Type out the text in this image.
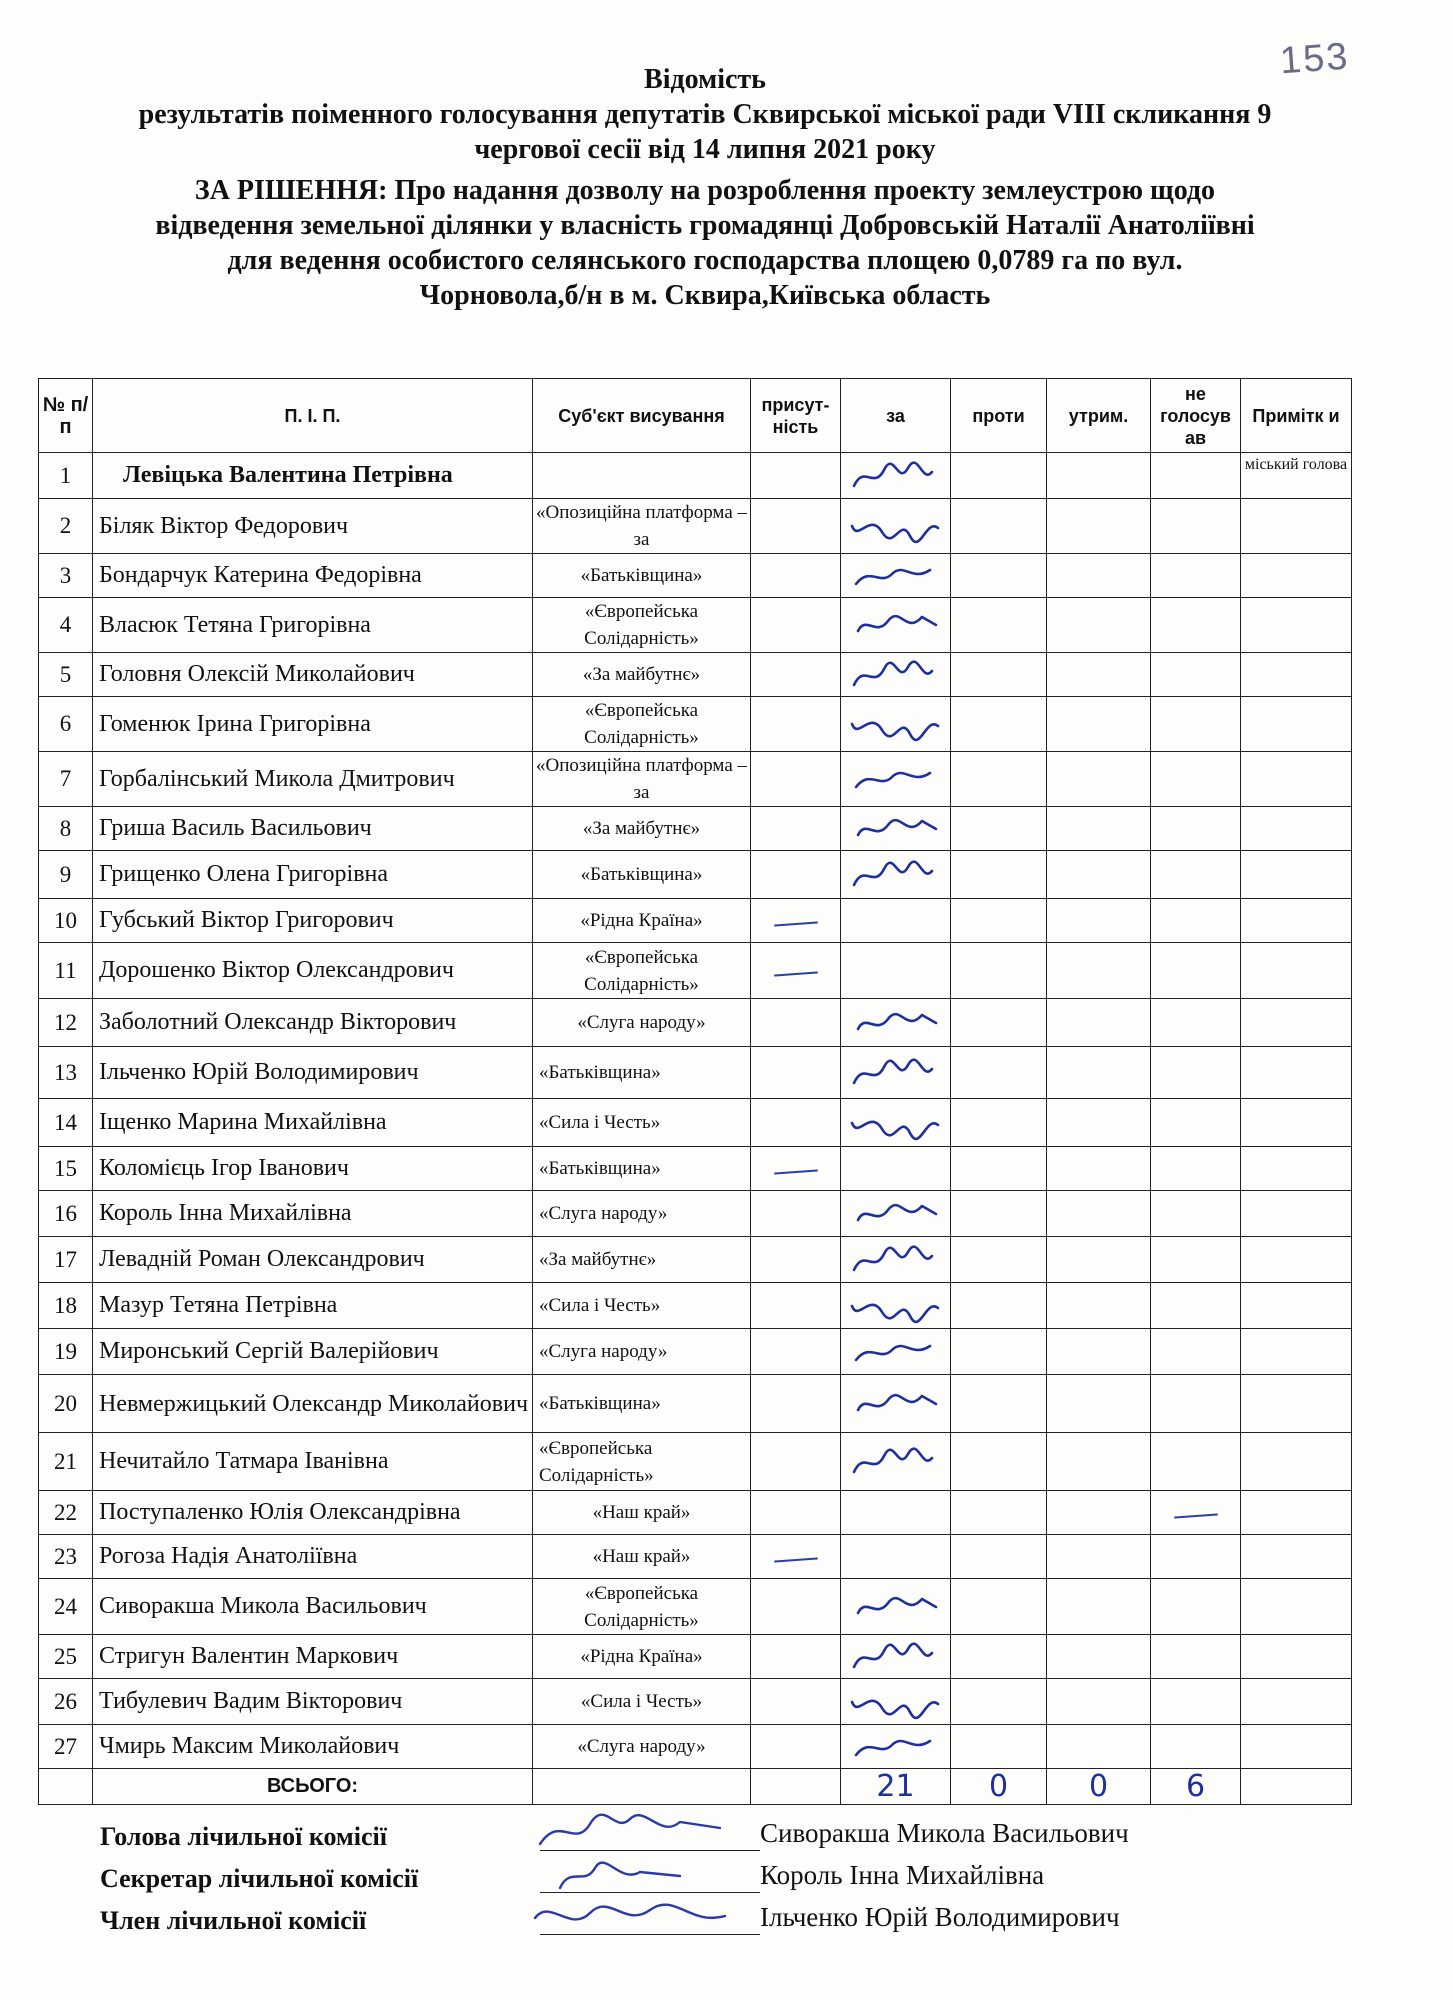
153
Відомість
результатів поіменного голосування депутатів Сквирської міської ради VIII скликання 9
чергової сесії від 14 липня 2021 року
ЗА РІШЕННЯ: Про надання дозволу на розроблення проекту землеустрою щодо
відведення земельної ділянки у власність громадянці Добровській Наталії Анатоліївні
для ведення особистого селянського господарства площею 0,0789 га по вул.
Чорновола,б/н в м. Сквира,Київська область
№ п/п	П. І. П.	Суб'єкт висування	присут-ність	за	проти	утрим.	не голосув ав	Примітк и
1	Левіцька Валентина Петрівна							міський голова
2	Біляк Віктор Федорович	«Опозиційна платформа – за		

3	Бондарчук Катерина Федорівна	«Батьківщина»		

4	Власюк Тетяна Григорівна	«Європейська Солідарність»		

5	Головня Олексій Миколайович	«За майбутнє»		

6	Гоменюк Ірина Григорівна	«Європейська Солідарність»		

7	Горбалінський Микола Дмитрович	«Опозиційна платформа – за		

8	Гриша Василь Васильович	«За майбутнє»		

9	Грищенко Олена Григорівна	«Батьківщина»		

10	Губський Віктор Григорович	«Рідна Країна»						
11	Дорошенко Віктор Олександрович	«Європейська Солідарність»						
12	Заболотний Олександр Вікторович	«Слуга народу»		

13	Ільченко Юрій Володимирович	«Батьківщина»		

14	Іщенко Марина Михайлівна	«Сила і Честь»		

15	Коломієць Ігор Іванович	«Батьківщина»						
16	Король Інна Михайлівна	«Слуга народу»		

17	Левадній Роман Олександрович	«За майбутнє»		

18	Мазур Тетяна Петрівна	«Сила і Честь»		

19	Миронський Сергій Валерійович	«Слуга народу»		

20	Невмержицький Олександр Миколайович	«Батьківщина»		

21	Нечитайло Татмара Іванівна	«Європейська Солідарність»		

22	Поступаленко Юлія Олександрівна	«Наш край»						
23	Рогоза Надія Анатоліївна	«Наш край»						
24	Сиворакша Микола Васильович	«Європейська Солідарність»		

25	Стригун Валентин Маркович	«Рідна Країна»		

26	Тибулевич Вадим Вікторович	«Сила і Честь»		

27	Чмирь Максим Миколайович	«Слуга народу»		

	ВСЬОГО:			21	0	0	6	
Голова лічильної комісії	Сиворакша Микола Васильович
Секретар лічильної комісії	Король Інна Михайлівна
Член лічильної комісії	Ільченко Юрій Володимирович
